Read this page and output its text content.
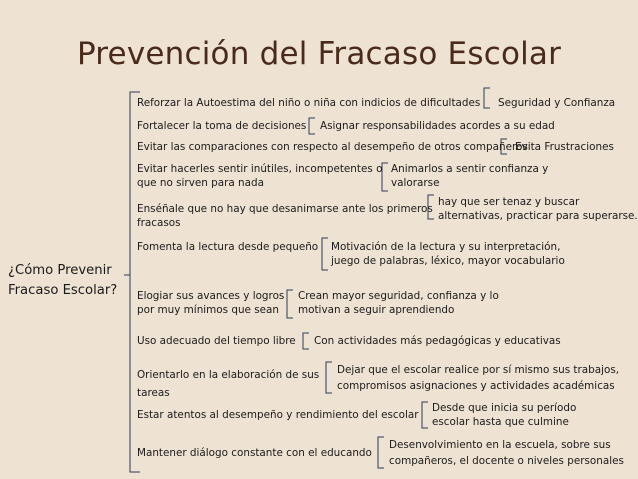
Prevención del Fracaso Escolar
¿Cómo Prevenir
Fracaso Escolar?
Reforzar la Autoestima del niño o niña con indicios de dificultades Seguridad y Confianza
Fortalecer la toma de decisiones Asignar responsabilidades acordes a su edad
Evitar las comparaciones con respecto al desempeño de otros compañeros
Evita Frustraciones
Evitar hacerles sentir inútiles, incompetentes o
que no sirven para nada
Animarlos a sentir confianza y
valorarse
Enséñale que no hay que desanimarse ante los primeros
fracasos
hay que ser tenaz y buscar
alternativas, practicar para superarse.
Fomenta la lectura desde pequeño Motivación de la lectura y su interpretación,
juego de palabras, léxico, mayor vocabulario
Elogiar sus avances y logros
por muy mínimos que sean
Crean mayor seguridad, confianza y lo
motivan a seguir aprendiendo
Uso adecuado del tiempo libre Con actividades más pedagógicas y educativas
Orientarlo en la elaboración de sus
tareas
Dejar que el escolar realice por sí mismo sus trabajos,
compromisos asignaciones y actividades académicas
Estar atentos al desempeño y rendimiento del escolar
Desde que inicia su período
escolar hasta que culmine
Mantener diálogo constante con el educando
Desenvolvimiento en la escuela, sobre sus
compañeros, el docente o niveles personales
